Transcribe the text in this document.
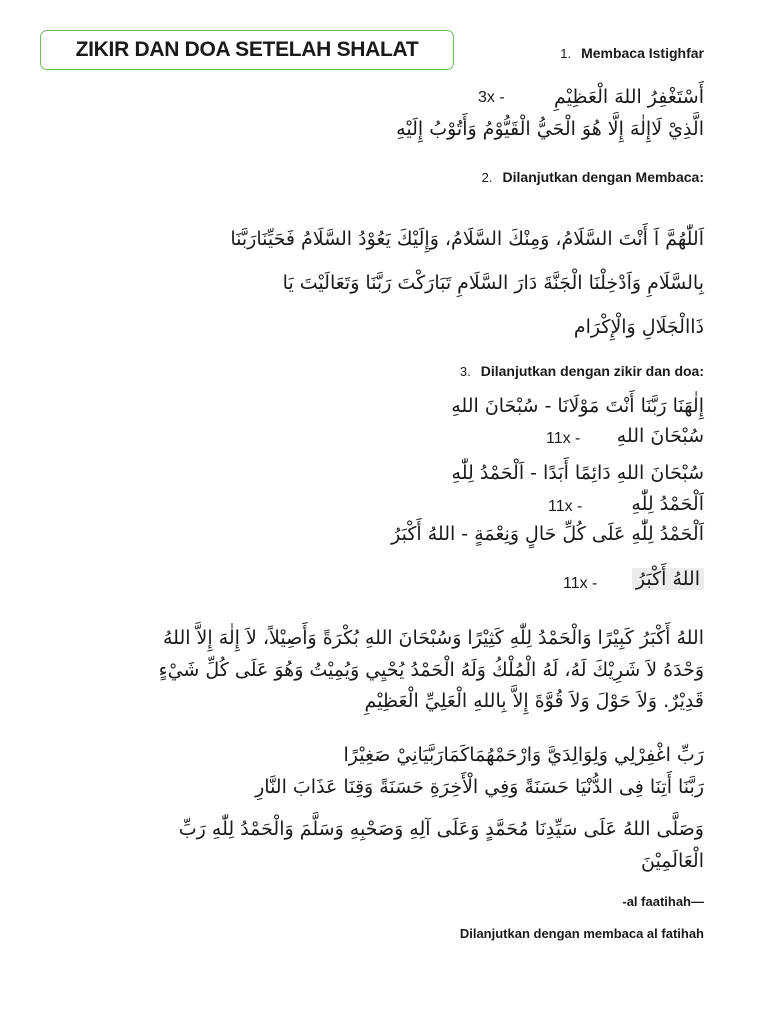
ZIKIR DAN DOA SETELAH SHALAT	1. Membaca Istighfar
أَسْتَغْفِرُ اللهَ الْعَظِيْمِ
3x -
الَّذِيْ لَاإِلٰهَ إِلَّا هُوَ الْحَيُّ الْقَيُّوْمُ وَأَتُوْبُ إِلَيْهِ
2. Dilanjutkan dengan Membaca:
اَللّٰهُمَّ اَ أَنْتَ السَّلَامُ، وَمِنْكَ السَّلَامُ، وَإِلَيْكَ يَعُوْدُ السَّلَامُ فَحَيِّنَارَبَّنَا
بِالسَّلَامِ وَاَدْخِلْنَا الْجَنَّةَ دَارَ السَّلَامِ تَبَارَكْتَ رَبَّنَا وَتَعَالَيْتَ يَا
ذَاالْجَلَالِ وَالْإِكْرَام
3. Dilanjutkan dengan zikir dan doa:
إِلٰهَنَا رَبَّنَا أَنْتَ مَوْلَانَا - سُبْحَانَ اللهِ
سُبْحَانَ اللهِ
11x -
سُبْحَانَ اللهِ دَائِمًا أَبَدًا - اَلْحَمْدُ لِلّٰهِ
اَلْحَمْدُ لِلّٰهِ
11x -
اَلْحَمْدُ لِلّٰهِ عَلَى كُلِّ حَالٍ وَنِعْمَةٍ - اللهُ أَكْبَرُ
اللهُ أَكْبَرُ
11x -
اللهُ أَكْبَرُ كَبِيْرًا وَالْحَمْدُ لِلّٰهِ كَثِيْرًا وَسُبْحَانَ اللهِ بُكْرَةً وَأَصِيْلاً، لاَ إِلٰهَ إِلاَّ اللهُ
وَحْدَهُ لاَ شَرِيْكَ لَهُ، لَهُ الْمُلْكُ وَلَهُ الْحَمْدُ يُحْيِي وَيُمِيْتُ وَهُوَ عَلَى كُلِّ شَيْءٍ
قَدِيْرٌ. وَلاَ حَوْلَ وَلاَ قُوَّةَ إِلاَّ بِاللهِ الْعَلِيِّ الْعَظِيْمِ
رَبِّ اغْفِرْلِي وَلِوَالِدَيَّ وَارْحَمْهُمَاكَمَارَبَّيَانِيْ صَغِيْرًا
رَبَّنَا أَتِنَا فِى الدُّنْيَا حَسَنَةً وَفِي الْأَخِرَةِ حَسَنَةً وَقِنَا عَذَابَ النَّارِ
وَصَلَّى اللهُ عَلَى سَيِّدِنَا مُحَمَّدٍ وَعَلَى آلِهِ وَصَحْبِهِ وَسَلَّمَ وَالْحَمْدُ لِلّٰهِ رَبِّ
الْعَالَمِيْنَ
-al faatihah—
Dilanjutkan dengan membaca al fatihah
